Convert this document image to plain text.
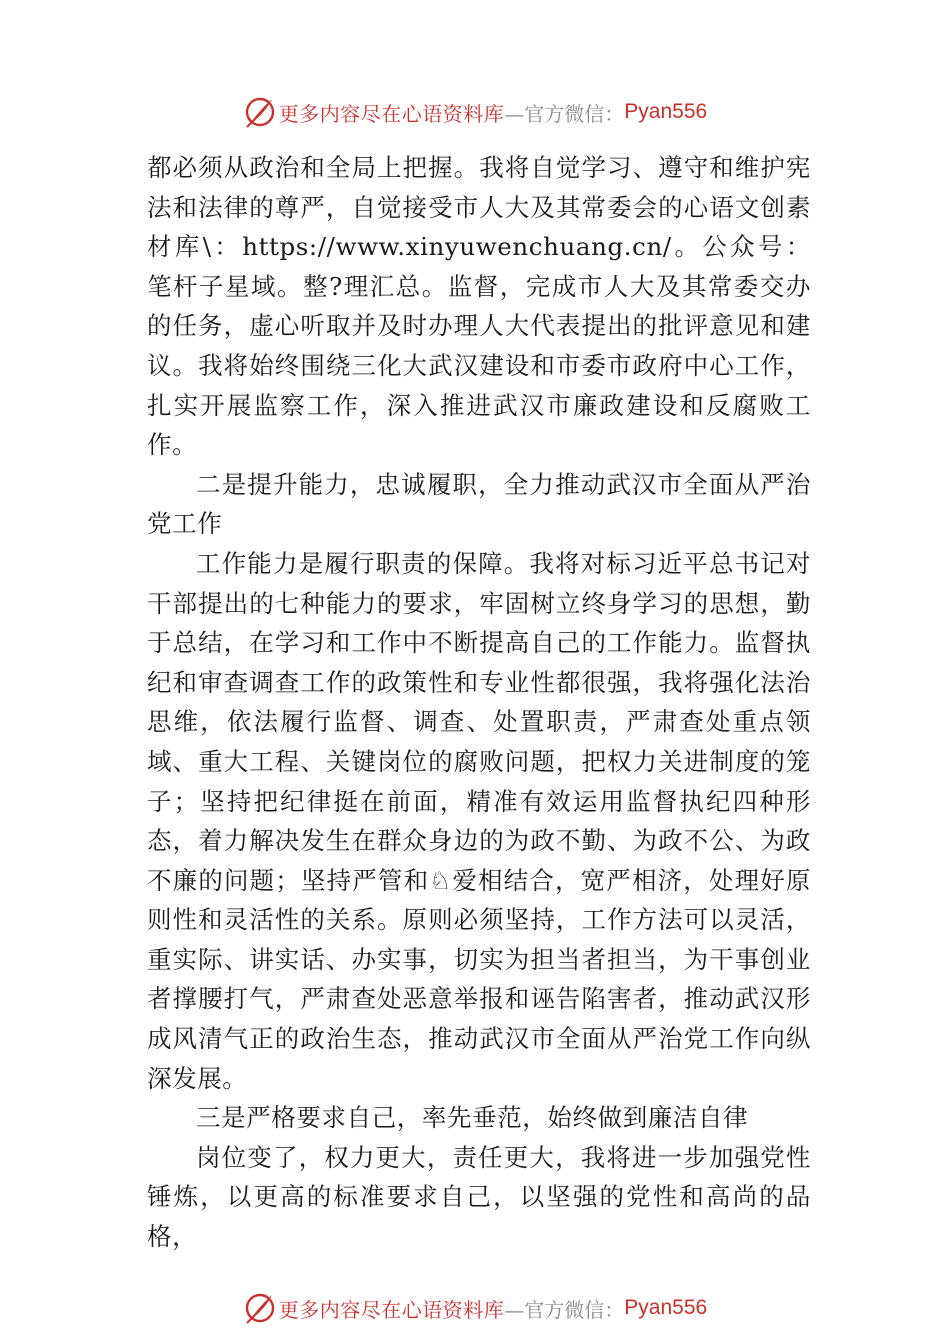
更多内容尽在心语资料库 —官方微信： Pyan556

都必须从政治和全局上把握。我将自觉学习、遵守和维护宪法和法律的尊严，自觉接受市人大及其常委会的心语文创素材库\：https://www.xinyuwenchuang.cn/。公众号：笔杆子星域。整?理汇总。监督，完成市人大及其常委交办的任务，虚心听取并及时办理人大代表提出的批评意见和建议。我将始终围绕三化大武汉建设和市委市政府中心工作，扎实开展监察工作，深入推进武汉市廉政建设和反腐败工作。

二是提升能力，忠诚履职，全力推动武汉市全面从严治党工作

工作能力是履行职责的保障。我将对标习近平总书记对干部提出的七种能力的要求，牢固树立终身学习的思想，勤于总结，在学习和工作中不断提高自己的工作能力。监督执纪和审查调查工作的政策性和专业性都很强，我将强化法治思维，依法履行监督、调查、处置职责，严肃查处重点领域、重大工程、关键岗位的腐败问题，把权力关进制度的笼子；坚持把纪律挺在前面，精准有效运用监督执纪四种形态，着力解决发生在群众身边的为政不勤、为政不公、为政不廉的问题；坚持严管和♘爱相结合，宽严相济，处理好原则性和灵活性的关系。原则必须坚持，工作方法可以灵活，重实际、讲实话、办实事，切实为担当者担当，为干事创业者撑腰打气，严肃查处恶意举报和诬告陷害者，推动武汉形成风清气正的政治生态，推动武汉市全面从严治党工作向纵深发展。

三是严格要求自己，率先垂范，始终做到廉洁自律

岗位变了，权力更大，责任更大，我将进一步加强党性锤炼，以更高的标准要求自己，以坚强的党性和高尚的品格，

更多内容尽在心语资料库 —官方微信： Pyan556
